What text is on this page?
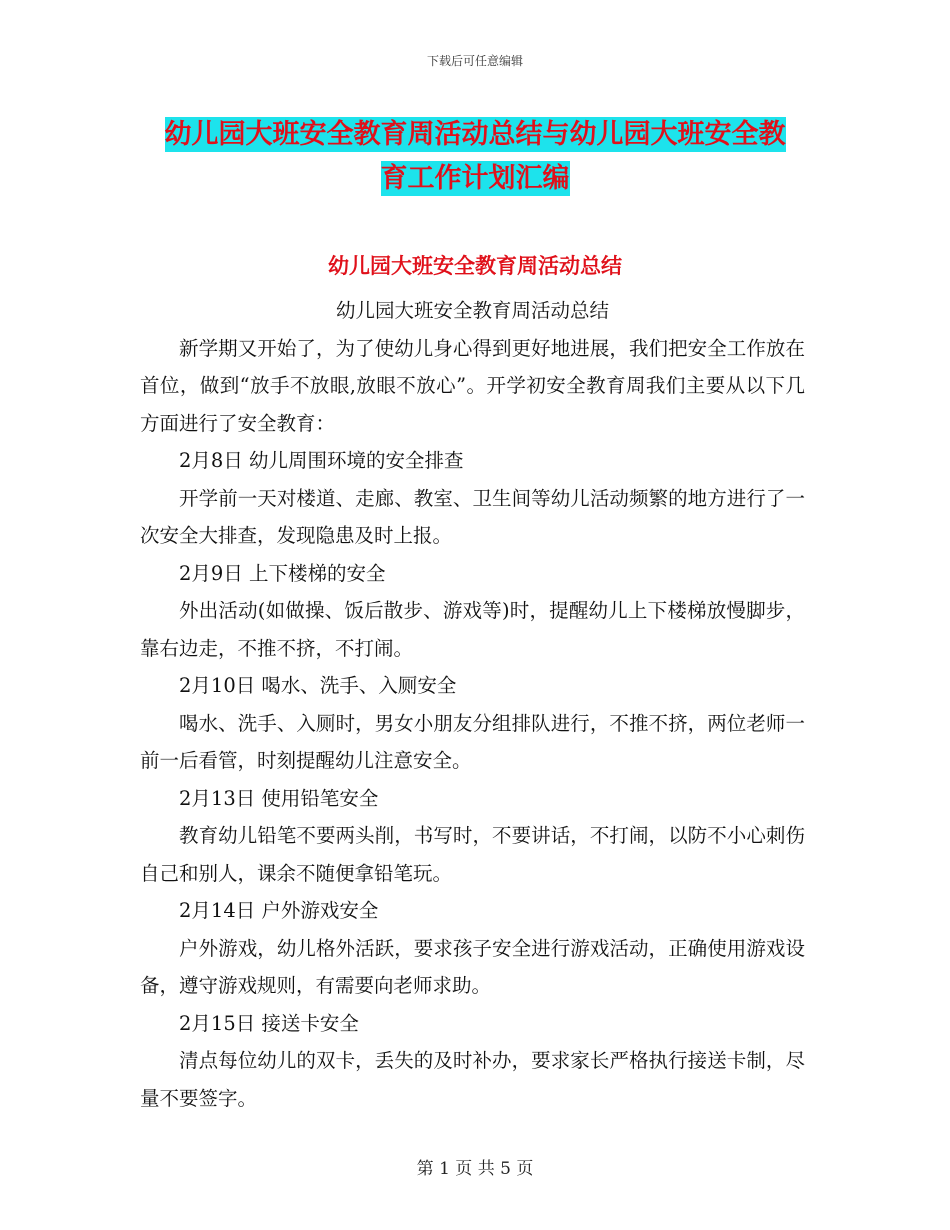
下载后可任意编辑
幼儿园大班安全教育周活动总结与幼儿园大班安全教
育工作计划汇编
幼儿园大班安全教育周活动总结

幼儿园大班安全教育周活动总结

新学期又开始了，为了使幼儿身心得到更好地进展，我们把安全工作放在首位，做到“放手不放眼,放眼不放心”。开学初安全教育周我们主要从以下几方面进行了安全教育：

2月8日 幼儿周围环境的安全排查

开学前一天对楼道、走廊、教室、卫生间等幼儿活动频繁的地方进行了一次安全大排查，发现隐患及时上报。

2月9日 上下楼梯的安全

外出活动(如做操、饭后散步、游戏等)时，提醒幼儿上下楼梯放慢脚步，靠右边走，不推不挤，不打闹。

2月10日 喝水、洗手、入厕安全

喝水、洗手、入厕时，男女小朋友分组排队进行，不推不挤，两位老师一前一后看管，时刻提醒幼儿注意安全。

2月13日 使用铅笔安全

教育幼儿铅笔不要两头削，书写时，不要讲话，不打闹，以防不小心刺伤自己和别人，课余不随便拿铅笔玩。

2月14日 户外游戏安全

户外游戏，幼儿格外活跃，要求孩子安全进行游戏活动，正确使用游戏设备，遵守游戏规则，有需要向老师求助。

2月15日 接送卡安全

清点每位幼儿的双卡，丢失的及时补办，要求家长严格执行接送卡制，尽量不要签字。

第 1 页 共 5 页
